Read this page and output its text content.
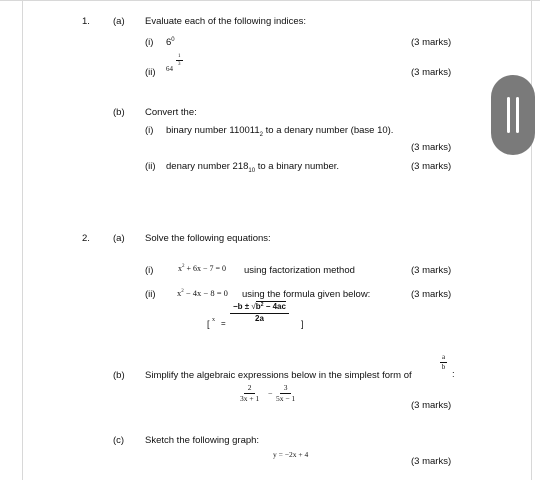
1. (a) Evaluate each of the following indices:
(i) 6 0	(3 marks)
(ii) 64
$\frac{1}{3}$
(3 marks)
(b) Convert the:
(i) binary number $110011_2$ to a denary number (base 10).
(3 marks)
(ii) denary number $218_{10}$ to a binary number.	(3 marks)
2. (a) Solve the following equations:
(i)	$x^2 + 6x - 7 = 0$ using factorization method	(3 marks)
(ii)	$x^2 - 4x - 8 = 0$ using the formula given below:	(3 marks)
[ $x = \frac{-b \pm √b^2 - 4ac}{2a}$
]
(b) Simplify the algebraic expressions below in the simplest form of
$\frac{a}{b}$
:
$\frac{2}{3x + 1} - \frac{3}{5x - 1}$
(3 marks)
(c) Sketch the following graph:
y = −2x + 4
(3 marks)
